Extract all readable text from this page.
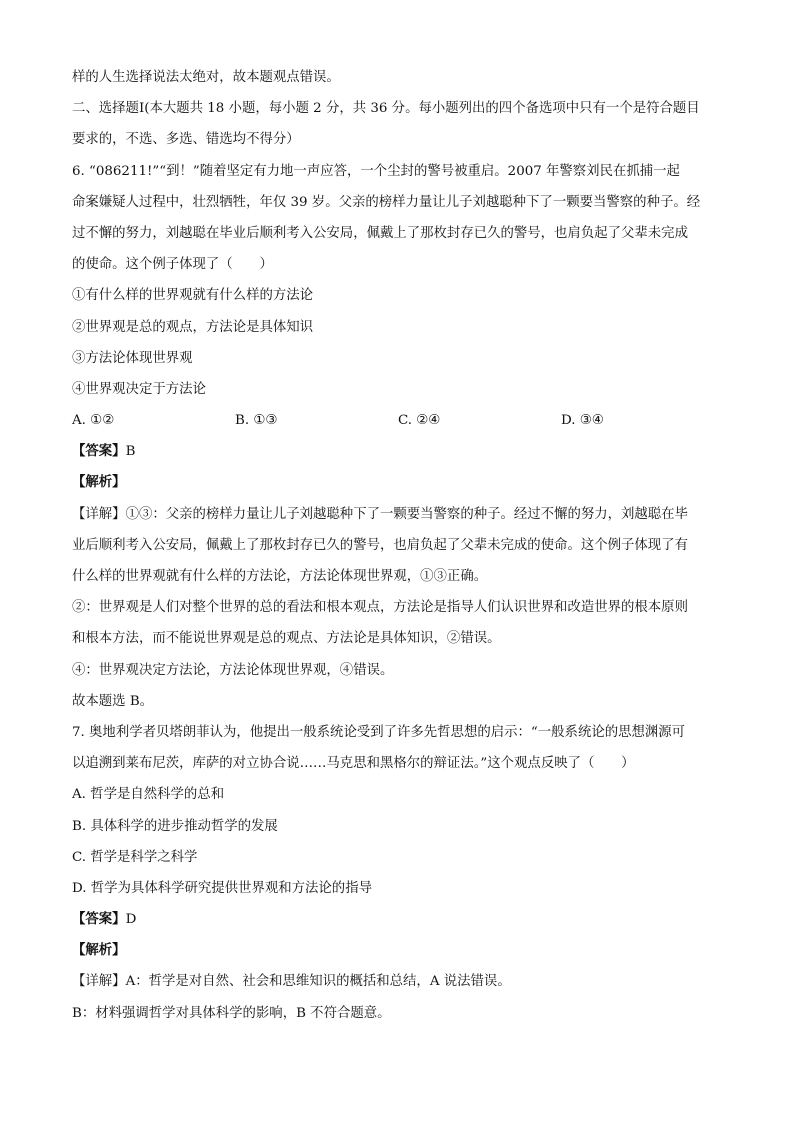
样的人生选择说法太绝对，故本题观点错误。
二、选择题Ⅰ(本大题共 18 小题，每小题 2 分，共 36 分。每小题列出的四个备选项中只有一个是符合题目
要求的，不选、多选、错选均不得分）
6. “086211!”“到！”随着坚定有力地一声应答，一个尘封的警号被重启。2007 年警察刘民在抓捕一起
命案嫌疑人过程中，壮烈牺牲，年仅 39 岁。父亲的榜样力量让儿子刘越聪种下了一颗要当警察的种子。经
过不懈的努力，刘越聪在毕业后顺利考入公安局，佩戴上了那枚封存已久的警号，也肩负起了父辈未完成
的使命。这个例子体现了（　　）
①有什么样的世界观就有什么样的方法论
②世界观是总的观点，方法论是具体知识
③方法论体现世界观
④世界观决定于方法论
A. ①②	B. ①③	C. ②④	D. ③④
【答案】B
【解析】
【详解】①③：父亲的榜样力量让儿子刘越聪种下了一颗要当警察的种子。经过不懈的努力，刘越聪在毕
业后顺利考入公安局，佩戴上了那枚封存已久的警号，也肩负起了父辈未完成的使命。这个例子体现了有
什么样的世界观就有什么样的方法论，方法论体现世界观，①③正确。
②：世界观是人们对整个世界的总的看法和根本观点，方法论是指导人们认识世界和改造世界的根本原则
和根本方法，而不能说世界观是总的观点、方法论是具体知识，②错误。
④：世界观决定方法论，方法论体现世界观，④错误。
故本题选 B。
7. 奥地利学者贝塔朗菲认为，他提出一般系统论受到了许多先哲思想的启示：“一般系统论的思想渊源可
以追溯到莱布尼茨，库萨的对立协合说……马克思和黑格尔的辩证法。”这个观点反映了（　　）
A. 哲学是自然科学的总和
B. 具体科学的进步推动哲学的发展
C. 哲学是科学之科学
D. 哲学为具体科学研究提供世界观和方法论的指导
【答案】D
【解析】
【详解】A：哲学是对自然、社会和思维知识的概括和总结，A 说法错误。
B：材料强调哲学对具体科学的影响，B 不符合题意。
